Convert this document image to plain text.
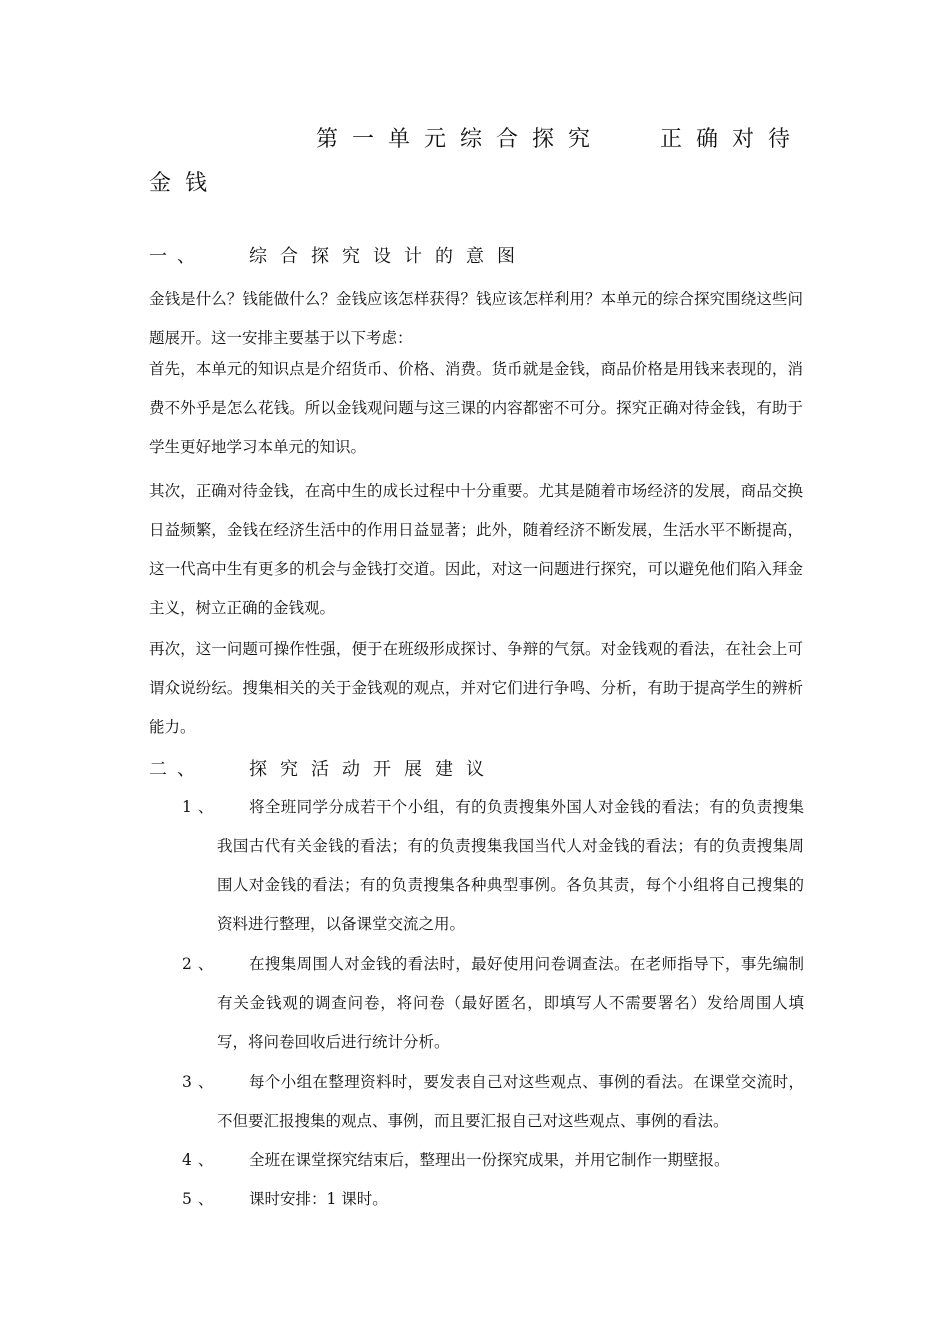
第一单元综合探究	正确对待
金钱
一、 综合探究设计的意图

金钱是什么？钱能做什么？金钱应该怎样获得？钱应该怎样利用？本单元的综合探究围绕这些问题展开。这一安排主要基于以下考虑：

首先，本单元的知识点是介绍货币、价格、消费。货币就是金钱，商品价格是用钱来表现的，消费不外乎是怎么花钱。所以金钱观问题与这三课的内容都密不可分。探究正确对待金钱，有助于学生更好地学习本单元的知识。

其次，正确对待金钱，在高中生的成长过程中十分重要。尤其是随着市场经济的发展，商品交换日益频繁，金钱在经济生活中的作用日益显著；此外，随着经济不断发展，生活水平不断提高，这一代高中生有更多的机会与金钱打交道。因此，对这一问题进行探究，可以避免他们陷入拜金主义，树立正确的金钱观。

再次，这一问题可操作性强，便于在班级形成探讨、争辩的气氛。对金钱观的看法，在社会上可谓众说纷纭。搜集相关的关于金钱观的观点，并对它们进行争鸣、分析，有助于提高学生的辨析能力。

二、 探究活动开展建议
1、	将全班同学分成若干个小组，有的负责搜集外国人对金钱的看法；有的负责搜集我国古代有关金钱的看法；有的负责搜集我国当代人对金钱的看法；有的负责搜集周围人对金钱的看法；有的负责搜集各种典型事例。各负其责，每个小组将自己搜集的资料进行整理，以备课堂交流之用。

2、	在搜集周围人对金钱的看法时，最好使用问卷调查法。在老师指导下，事先编制有关金钱观的调查问卷，将问卷（最好匿名，即填写人不需要署名）发给周围人填写，将问卷回收后进行统计分析。

3、	每个小组在整理资料时，要发表自己对这些观点、事例的看法。在课堂交流时，不但要汇报搜集的观点、事例，而且要汇报自己对这些观点、事例的看法。

4、	全班在课堂探究结束后，整理出一份探究成果，并用它制作一期壁报。

5、	课时安排：1 课时。
